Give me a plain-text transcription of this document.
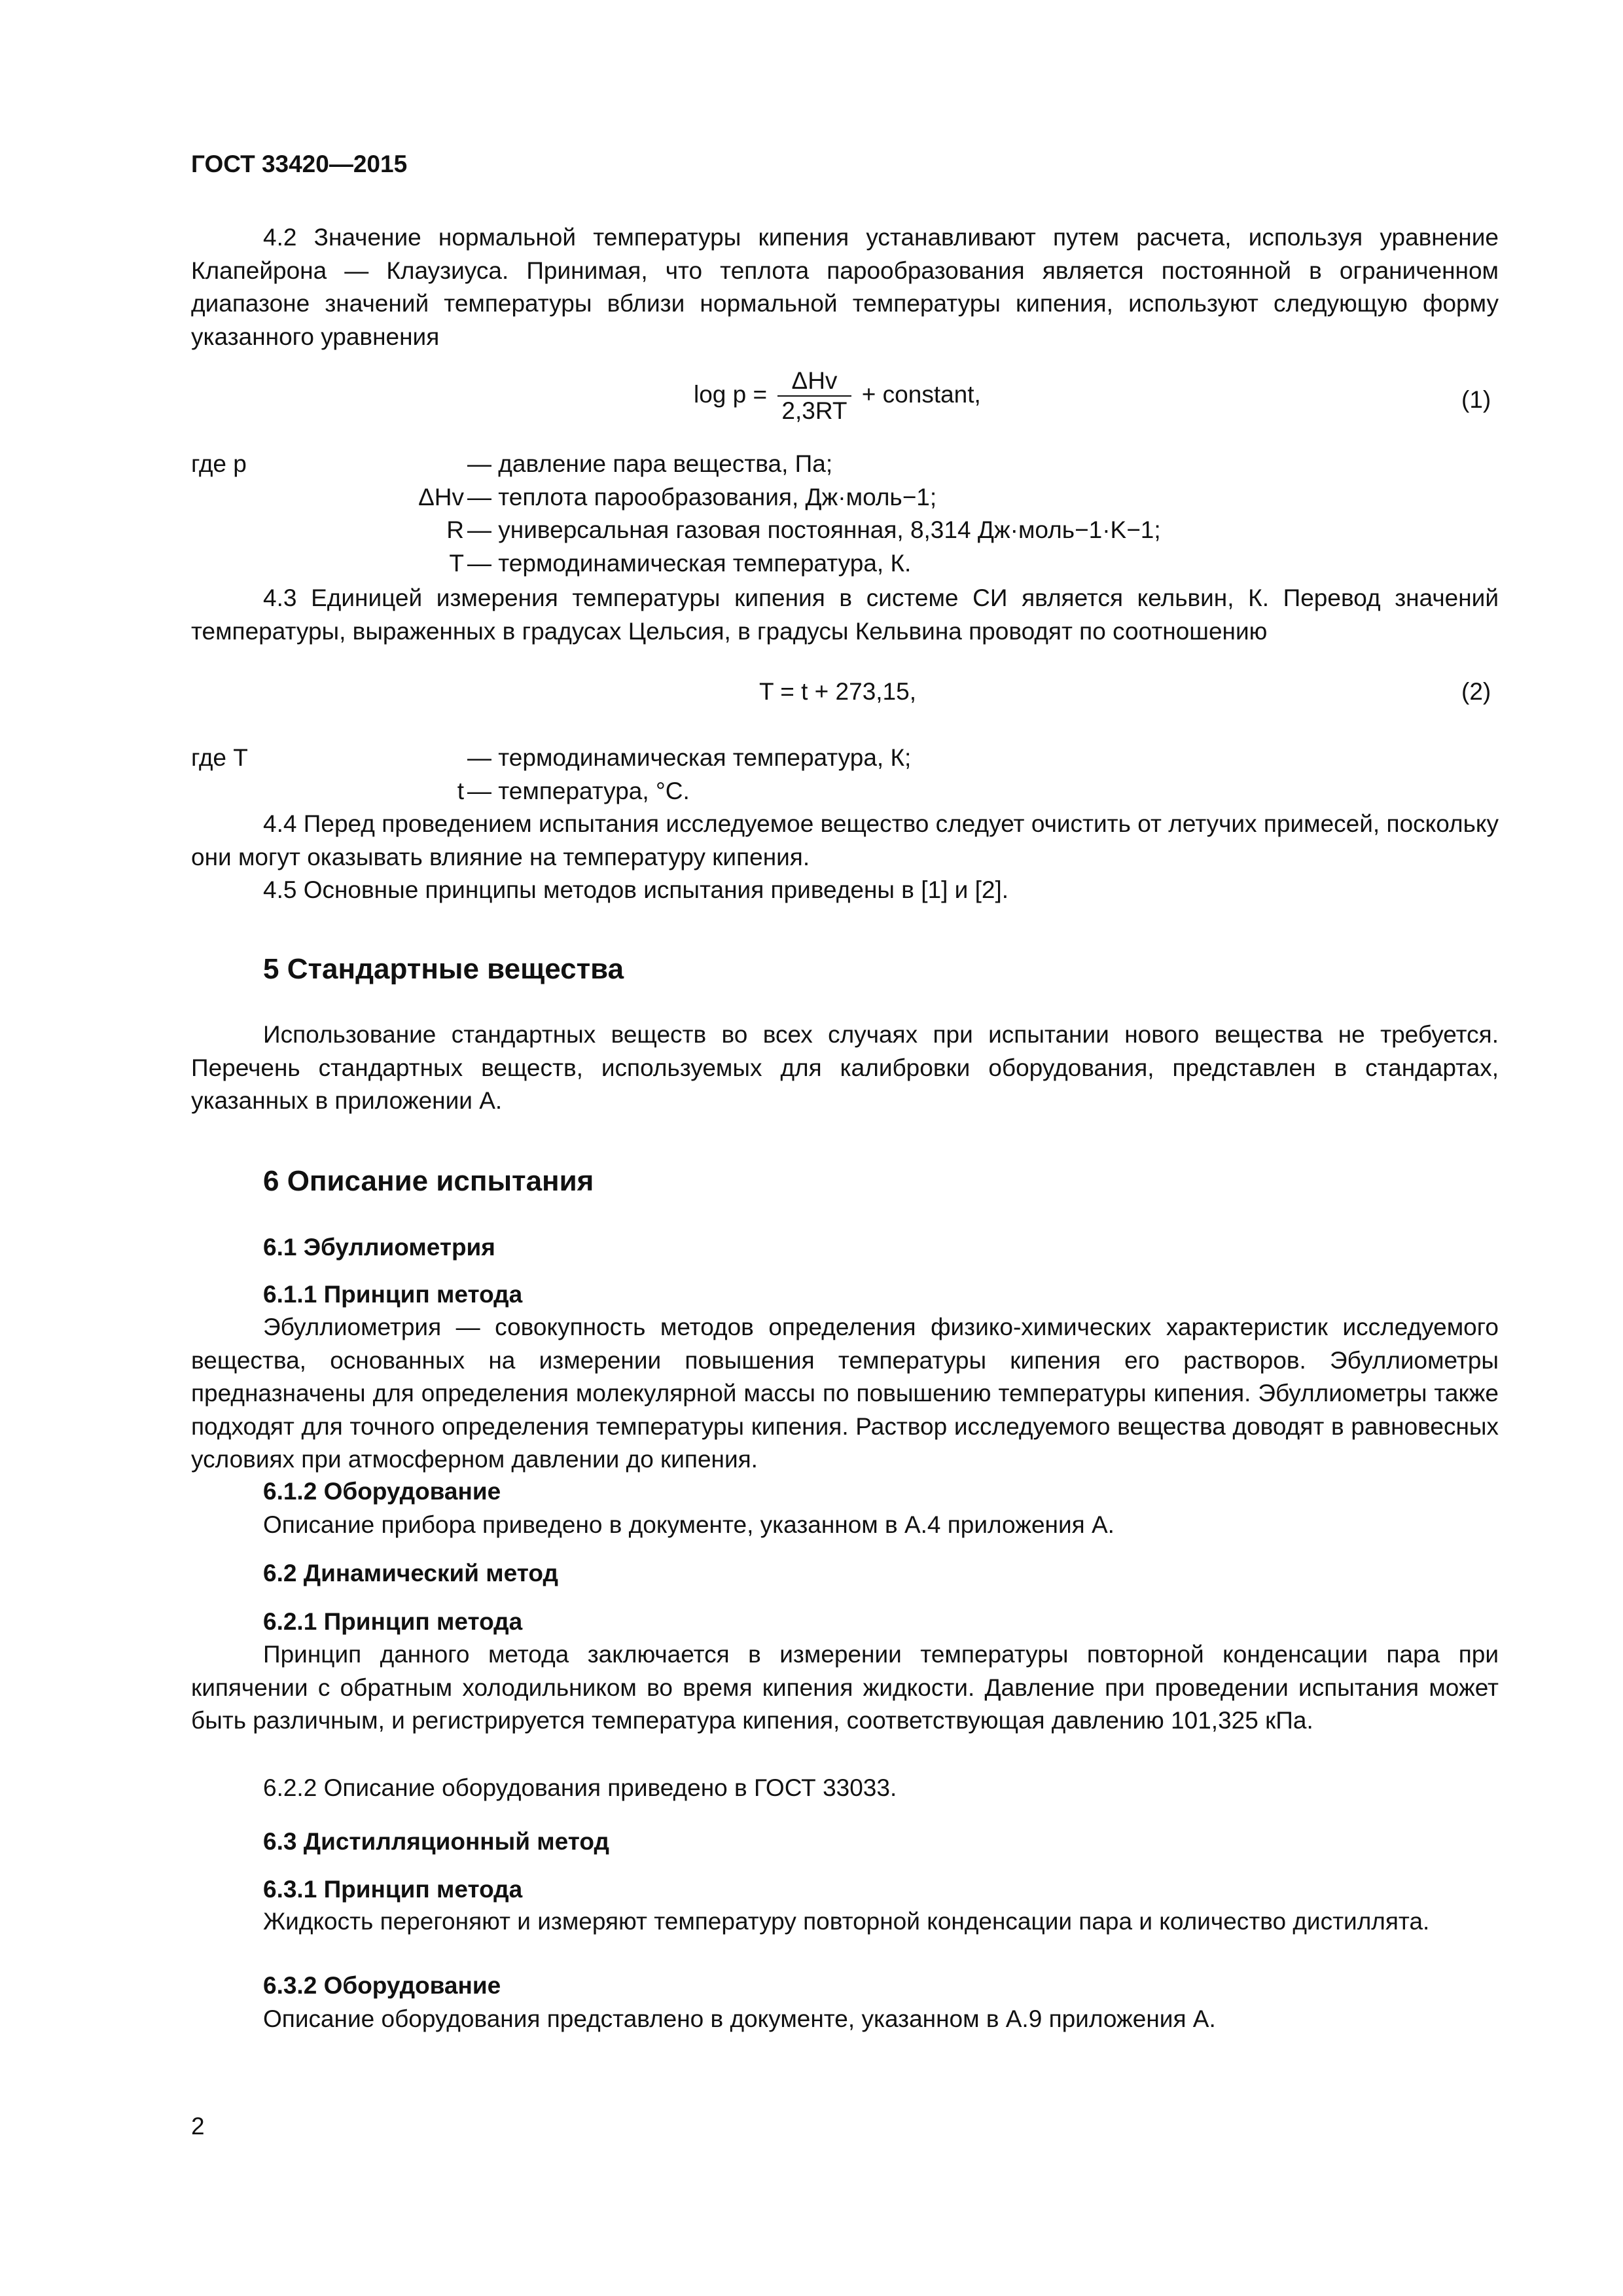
ГОСТ 33420—2015

4.2 Значение нормальной температуры кипения устанавливают путем расчета, используя уравнение Клапейрона — Клаузиуса. Принимая, что теплота парообразования является постоянной в ограниченном диапазоне значений температуры вблизи нормальной температуры кипения, используют следующую форму указанного уравнения

$\log p = \frac{\text{ΔHv}}{2,3RT}$ + constant,	(1)
где p	— давление пара вещества, Па;
ΔHv — теплота парообразования, Дж·моль−1;
R — универсальная газовая постоянная, 8,314 Дж·моль−1·K−1;
T — термодинамическая температура, К.

4.3 Единицей измерения температуры кипения в системе СИ является кельвин, К. Перевод значений температуры, выраженных в градусах Цельсия, в градусы Кельвина проводят по соотношению

T = t + 273,15,	(2)
где T	— термодинамическая температура, К;
t — температура, °С.

4.4 Перед проведением испытания исследуемое вещество следует очистить от летучих примесей, поскольку они могут оказывать влияние на температуру кипения.

4.5 Основные принципы методов испытания приведены в [1] и [2].

5 Стандартные вещества

Использование стандартных веществ во всех случаях при испытании нового вещества не требуется. Перечень стандартных веществ, используемых для калибровки оборудования, представлен в стандартах, указанных в приложении А.

6 Описание испытания
6.1 Эбуллиометрия
6.1.1 Принцип метода

Эбуллиометрия — совокупность методов определения физико-химических характеристик исследуемого вещества, основанных на измерении повышения температуры кипения его растворов. Эбуллиометры предназначены для определения молекулярной массы по повышению температуры кипения. Эбуллиометры также подходят для точного определения температуры кипения. Раствор исследуемого вещества доводят в равновесных условиях при атмосферном давлении до кипения.

6.1.2 Оборудование

Описание прибора приведено в документе, указанном в А.4 приложения А.

6.2 Динамический метод
6.2.1 Принцип метода

Принцип данного метода заключается в измерении температуры повторной конденсации пара при кипячении с обратным холодильником во время кипения жидкости. Давление при проведении испытания может быть различным, и регистрируется температура кипения, соответствующая давлению 101,325 кПа.

6.2.2 Описание оборудования приведено в ГОСТ 33033.

6.3 Дистилляционный метод
6.3.1 Принцип метода

Жидкость перегоняют и измеряют температуру повторной конденсации пара и количество дистиллята.

6.3.2 Оборудование

Описание оборудования представлено в документе, указанном в А.9 приложения А.

2
